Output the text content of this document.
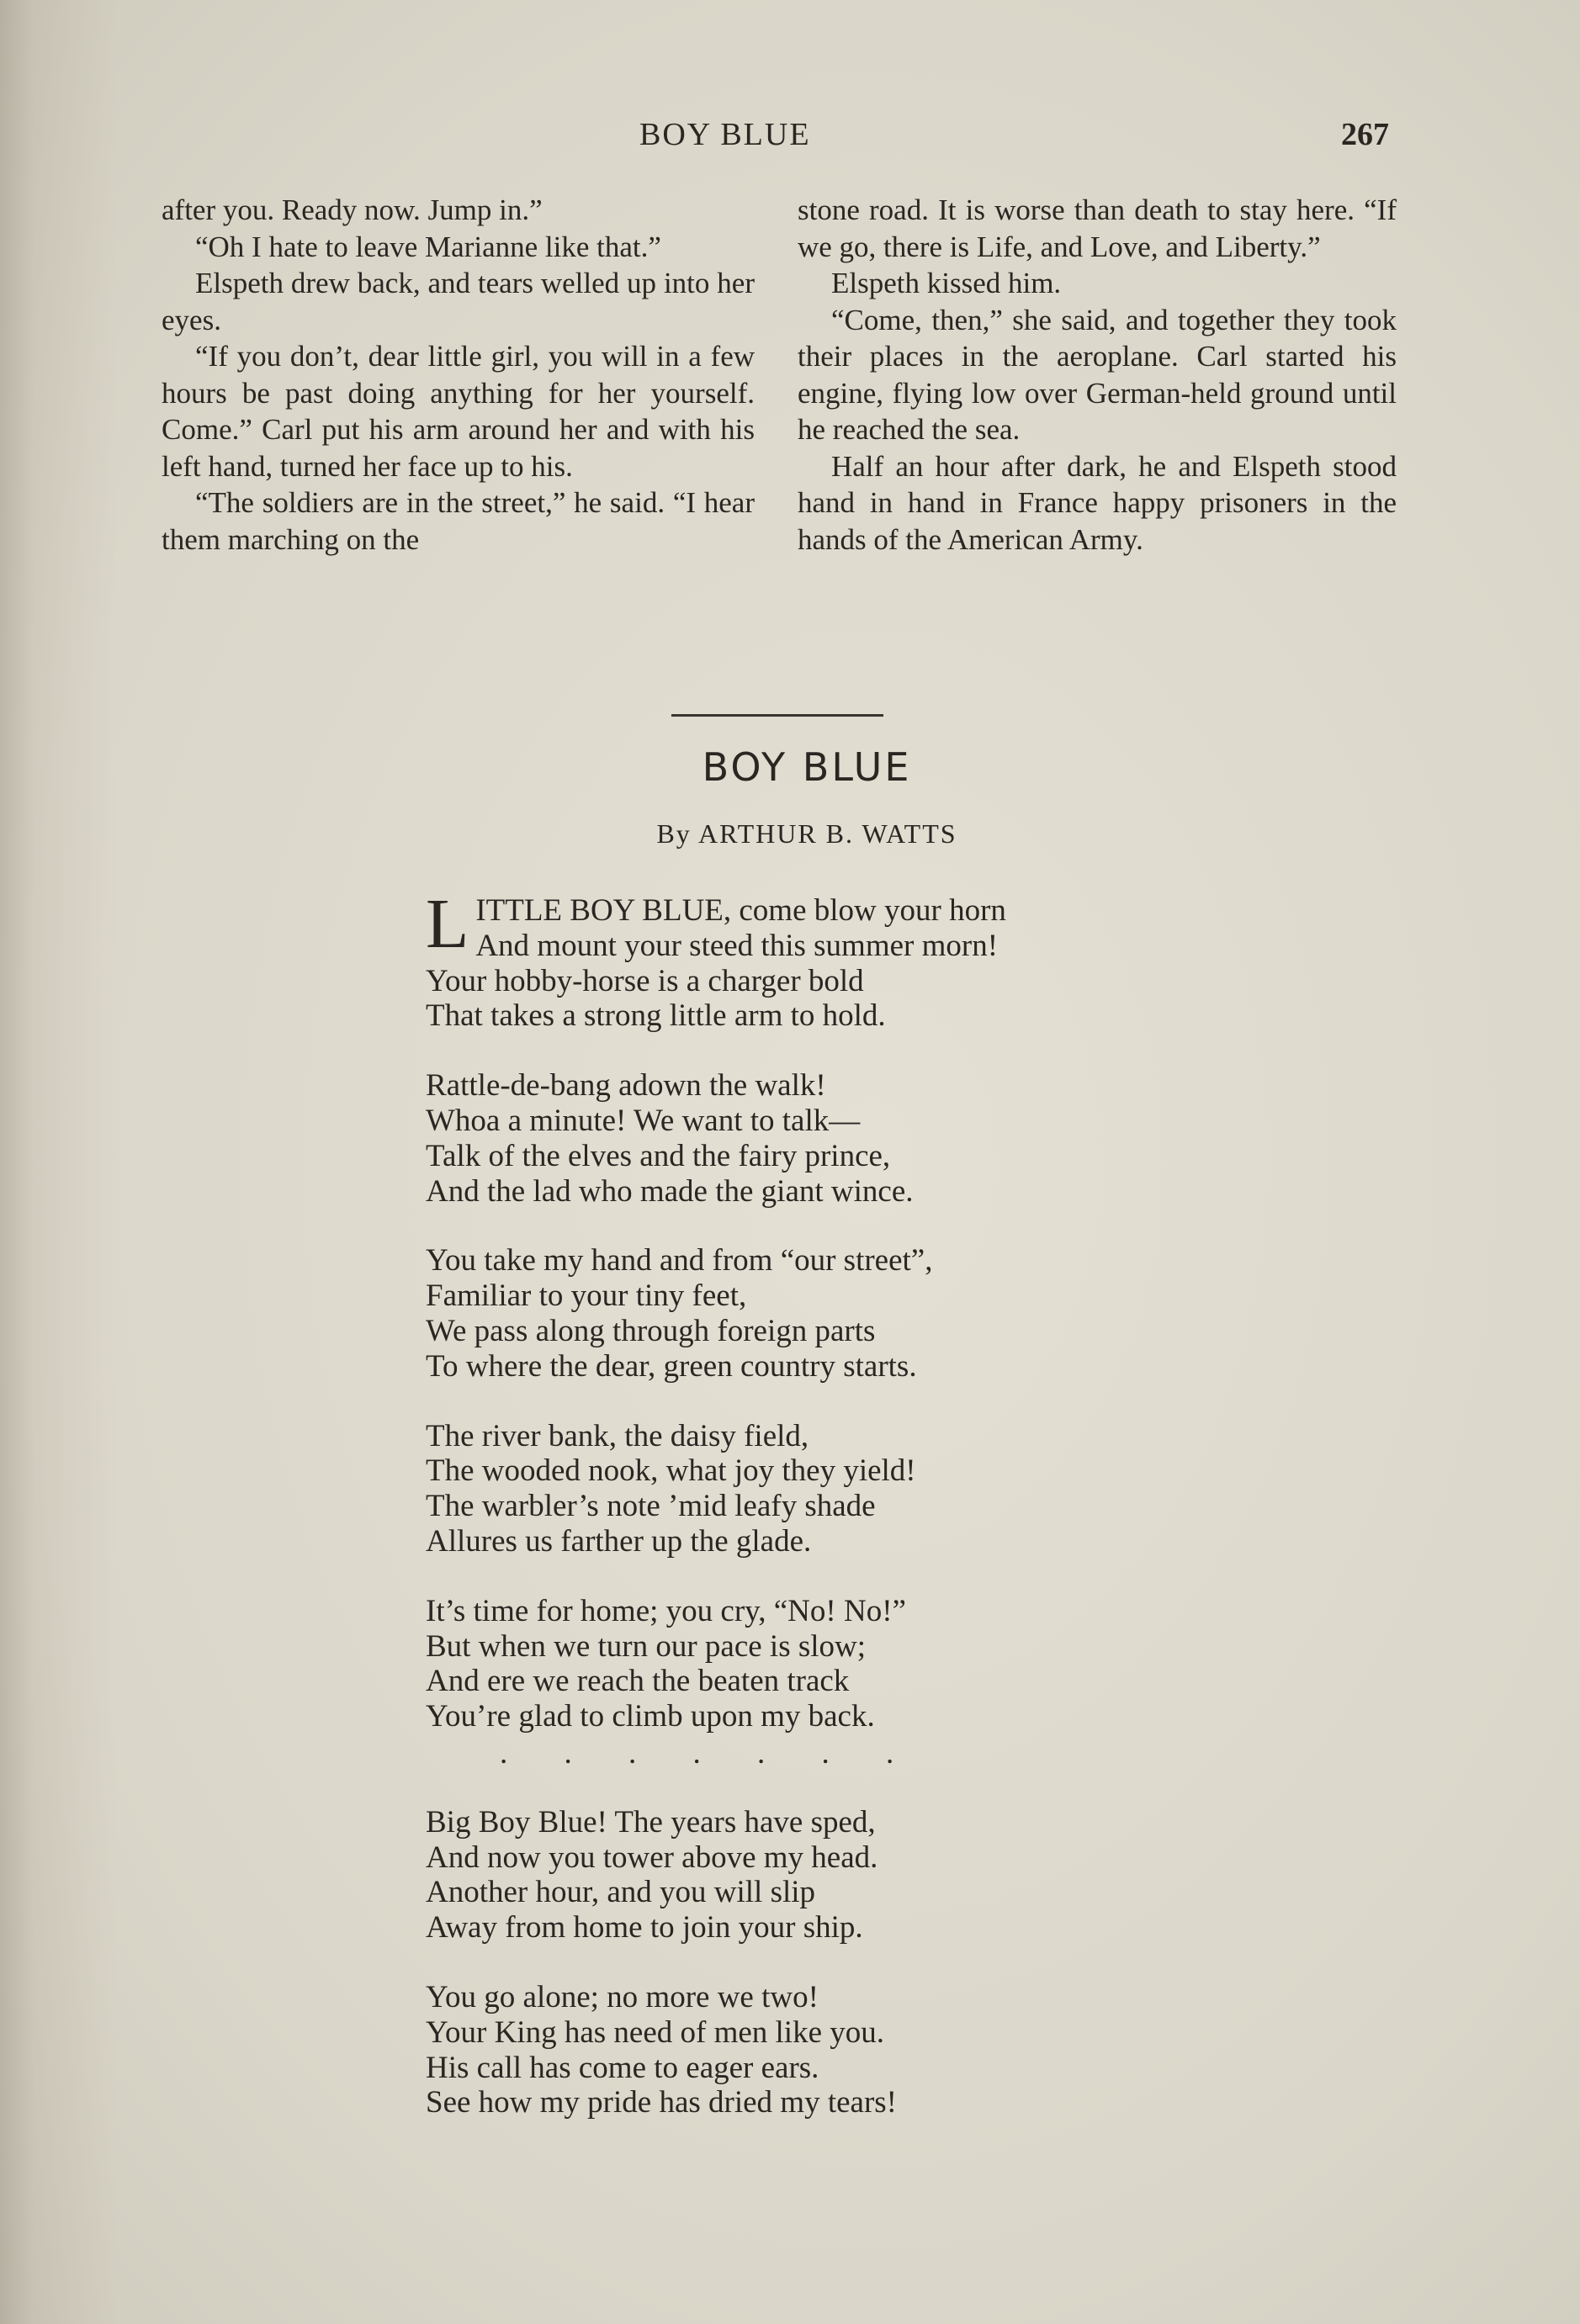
BOY BLUE	267

after you. Ready now. Jump in.”

“Oh I hate to leave Marianne like that.”

Elspeth drew back, and tears welled up into her eyes.

“If you don’t, dear little girl, you will in a few hours be past doing anything for her yourself. Come.” Carl put his arm around her and with his left hand, turned her face up to his.

“The soldiers are in the street,” he said. “I hear them marching on the

stone road. It is worse than death to stay here. “If we go, there is Life, and Love, and Liberty.”

Elspeth kissed him.

“Come, then,” she said, and together they took their places in the aeroplane. Carl started his engine, flying low over German-held ground until he reached the sea.

Half an hour after dark, he and Elspeth stood hand in hand in France happy prisoners in the hands of the American Army.

BOY BLUE
By ARTHUR B. WATTS
L ITTLE BOY BLUE, come blow your horn
And mount your steed this summer morn!
Your hobby-horse is a charger bold
That takes a strong little arm to hold.
Rattle-de-bang adown the walk!
Whoa a minute! We want to talk—
Talk of the elves and the fairy prince,
And the lad who made the giant wince.
You take my hand and from “our street”,
Familiar to your tiny feet,
We pass along through foreign parts
To where the dear, green country starts.
The river bank, the daisy field,
The wooded nook, what joy they yield!
The warbler’s note ’mid leafy shade
Allures us farther up the glade.
It’s time for home; you cry, “No! No!”
But when we turn our pace is slow;
And ere we reach the beaten track
You’re glad to climb upon my back.
. . . . . . .
Big Boy Blue! The years have sped,
And now you tower above my head.
Another hour, and you will slip
Away from home to join your ship.
You go alone; no more we two!
Your King has need of men like you.
His call has come to eager ears.
See how my pride has dried my tears!
